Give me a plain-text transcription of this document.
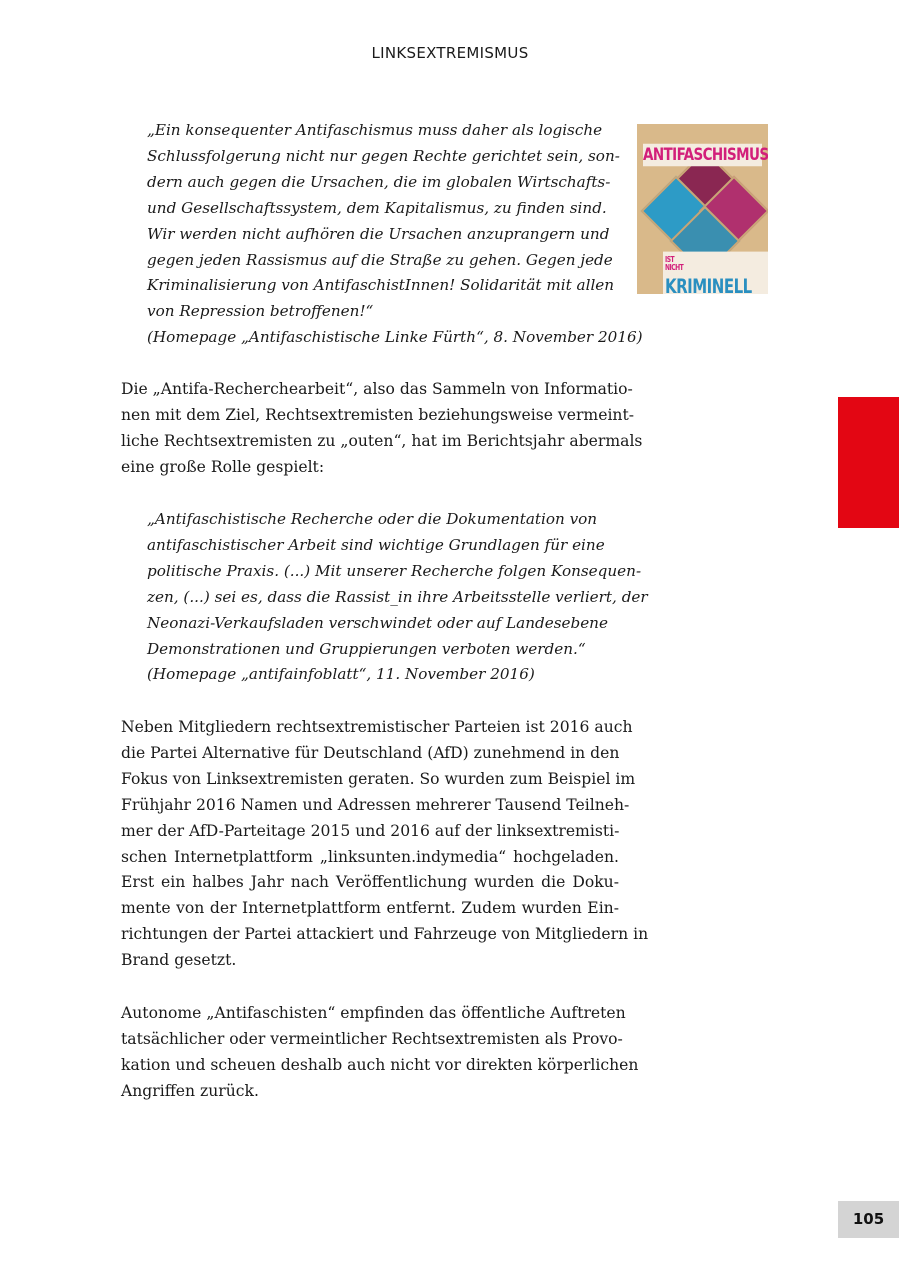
LINKSEXTREMISMUS
„Ein konsequenter Antifaschismus muss daher als logische
Schlussfolgerung nicht nur gegen Rechte gerichtet sein, son-
dern auch gegen die Ursachen, die im globalen Wirtschafts-
und Gesellschaftssystem, dem Kapitalismus, zu finden sind.
Wir werden nicht aufhören die Ursachen anzuprangern und
gegen jeden Rassismus auf die Straße zu gehen. Gegen jede
Kriminalisierung von AntifaschistInnen! Solidarität mit allen
von Repression betroffenen!“
(Homepage „Antifaschistische Linke Fürth“, 8. November 2016)
ANTIFASCHISMUS
IST NICHTKRIMINELL
Die „Antifa-Recherchearbeit“, also das Sammeln von Informatio-
nen mit dem Ziel, Rechtsextremisten beziehungsweise vermeint-
liche Rechtsextremisten zu „outen“, hat im Berichtsjahr abermals
eine große Rolle gespielt:
„Antifaschistische Recherche oder die Dokumentation von
antifaschistischer Arbeit sind wichtige Grundlagen für eine
politische Praxis. (...) Mit unserer Recherche folgen Konsequen-
zen, (...) sei es, dass die Rassist_in ihre Arbeitsstelle verliert, der
Neonazi-Verkaufsladen verschwindet oder auf Landesebene
Demonstrationen und Gruppierungen verboten werden.“
(Homepage „antifainfoblatt“, 11. November 2016)
Neben Mitgliedern rechtsextremistischer Parteien ist 2016 auch
die Partei Alternative für Deutschland (AfD) zunehmend in den
Fokus von Linksextremisten geraten. So wurden zum Beispiel im
Frühjahr 2016 Namen und Adressen mehrerer Tausend Teilneh-
mer der AfD-Parteitage 2015 und 2016 auf der linksextremisti-
schen Internetplattform „linksunten.indymedia“ hochgeladen.
Erst ein halbes Jahr nach Veröffentlichung wurden die Doku-
mente von der Internetplattform entfernt. Zudem wurden Ein-
richtungen der Partei attackiert und Fahrzeuge von Mitgliedern in
Brand gesetzt.
Autonome „Antifaschisten“ empfinden das öffentliche Auftreten
tatsächlicher oder vermeintlicher Rechtsextremisten als Provo-
kation und scheuen deshalb auch nicht vor direkten körperlichen
Angriffen zurück.
105
